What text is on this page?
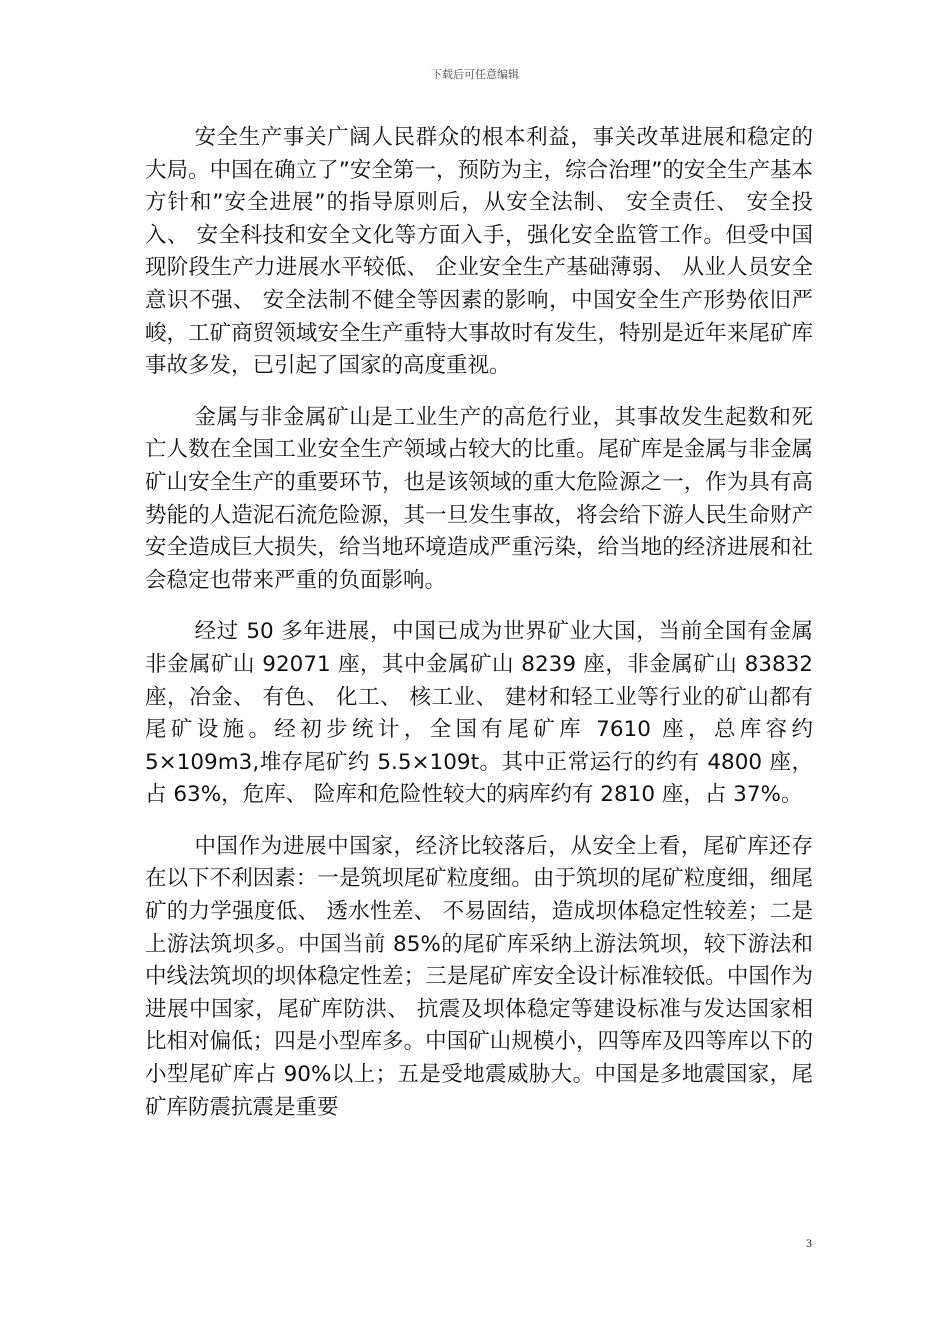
下载后可任意编辑

安全生产事关广阔人民群众的根本利益，事关改革进展和稳定的大局。中国在确立了”安全第一，预防为主，综合治理”的安全生产基本方针和”安全进展”的指导原则后，从安全法制、 安全责任、 安全投入、 安全科技和安全文化等方面入手，强化安全监管工作。但受中国现阶段生产力进展水平较低、 企业安全生产基础薄弱、 从业人员安全意识不强、 安全法制不健全等因素的影响，中国安全生产形势依旧严峻，工矿商贸领域安全生产重特大事故时有发生，特别是近年来尾矿库事故多发，已引起了国家的高度重视。

金属与非金属矿山是工业生产的高危行业，其事故发生起数和死亡人数在全国工业安全生产领域占较大的比重。尾矿库是金属与非金属矿山安全生产的重要环节，也是该领域的重大危险源之一，作为具有高势能的人造泥石流危险源，其一旦发生事故，将会给下游人民生命财产安全造成巨大损失，给当地环境造成严重污染，给当地的经济进展和社会稳定也带来严重的负面影响。

经过 50 多年进展，中国已成为世界矿业大国，当前全国有金属非金属矿山 92071 座，其中金属矿山 8239 座，非金属矿山 83832 座，冶金、 有色、 化工、 核工业、 建材和轻工业等行业的矿山都有尾矿设施。经初步统计，全国有尾矿库 7610 座，总库容约 5×109m3,堆存尾矿约 5.5×109t。其中正常运行的约有 4800 座，占 63%，危库、 险库和危险性较大的病库约有 2810 座，占 37%。

中国作为进展中国家，经济比较落后，从安全上看，尾矿库还存在以下不利因素：一是筑坝尾矿粒度细。由于筑坝的尾矿粒度细，细尾矿的力学强度低、 透水性差、 不易固结，造成坝体稳定性较差；二是上游法筑坝多。中国当前 85%的尾矿库采纳上游法筑坝，较下游法和中线法筑坝的坝体稳定性差；三是尾矿库安全设计标准较低。中国作为进展中国家，尾矿库防洪、 抗震及坝体稳定等建设标准与发达国家相比相对偏低；四是小型库多。中国矿山规模小，四等库及四等库以下的小型尾矿库占 90%以上；五是受地震威胁大。中国是多地震国家，尾矿库防震抗震是重要

3
